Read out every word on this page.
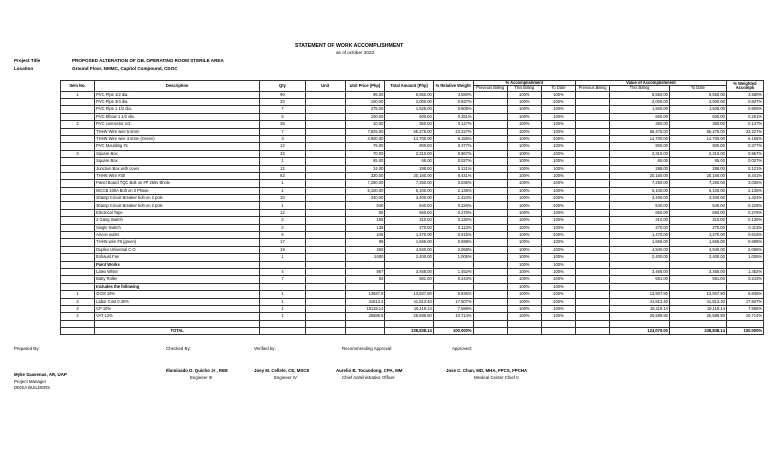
STATEMENT OF WORK ACCOMPLISHMENT
as of october 2023
Project Title	PROPOSED ALTERATION OF OB. OPERATING ROOM STERILE AREA
Location	Ground Floor, NMMC, Capitol Compound, CDOC
Item No.	Description	Qty	Unit	Unit Price (Php)	Total Amount (Php)	% Relative Weight	% Accomplishment			Value of Accomplishment			% Weighted Accompli
							Previous Billing	This Billing	To Date	Previous Billing	This Billing	To Date	
1	PVC Pipe 1/2 dia.	90		95.00	8,550.00	3.580%		100%	100%		8,550.00	8,550.00	3.580%
	PVC Pipe 3/4 dia.	20		100.00	2,000.00	0.837%		100%	100%		2,000.00	2,000.00	0.837%
	PVC Pipe 1 1/2 dia.	7		275.00	1,925.00	0.806%		100%	100%		1,925.00	1,925.00	0.806%
	PVC Elbow 1 1/2 dia.	6		100.00	600.00	0.251%		100%	100%		600.00	600.00	0.251%
2	PVC connector 1/2	35		10.00	350.00	0.147%		100%	100%		350.00	350.00	0.147%
	THHN Wire wire 5.5mm	7		7,925.00	55,475.00	23.227%		100%	100%		55,475.00	55,475.00	23.227%
	THHN Wire wire 3.5mm (Green)	3		4,900.00	14,700.00	6.155%		100%	100%		14,700.00	14,700.00	6.155%
	PVC Moulding #1	12		75.00	900.00	0.377%		100%	100%		900.00	900.00	0.377%
3	Square Box	33		70.00	2,310.00	0.967%		100%	100%		2,310.00	2,310.00	0.967%
	Square Box	1		65.00	65.00	0.027%		100%	100%		65.00	65.00	0.027%
	Junction Box with cover	12		24.00	288.00	0.121%		100%	100%		288.00	288.00	0.121%
	THHN Wire #30	63		320.00	20,160.00	8.441%		100%	100%		20,160.00	20,160.00	8.441%
	Panel Board TQC Bolt on #P 250v Bhole	1		7,250.00	7,250.00	3.036%		100%	100%		7,250.00	7,250.00	3.036%
	MCCB 100A Bolt on 3 Phase	1		5,100.00	5,100.00	2.135%		100%	100%		5,100.00	5,100.00	2.135%
	20amp Circuit Breaker bolt-on 2 pole	10		340.00	3,400.00	1.424%		100%	100%		3,400.00	3,400.00	1.424%
	30amp Circuit Breaker bolt-on 2 pole	1		540	540.00	0.226%		100%	100%		540.00	540.00	0.226%
	Electrical Tape	12		55	660.00	0.276%		100%	100%		660.00	660.00	0.276%
	2 Gang Switch	2		155	310.00	0.130%		100%	100%		310.00	310.00	0.130%
	Single Switch	2		135	270.00	0.113%		100%	100%		270.00	270.00	0.113%
	Aircon outlet	6		245	1,470.00	0.615%		100%	100%		1,470.00	1,470.00	0.615%
	THHN wire #8 (green)	17		98	1,666.00	0.698%		100%	100%		1,666.00	1,666.00	0.698%
	Duplex Universal C.O	19		260	4,940.00	2.068%		100%	100%		4,940.00	4,940.00	2.068%
	Exhaust Fan	1		2400	2,400.00	1.005%		100%	100%		2,400.00	2,400.00	1.005%
	Paint Works							100%	100%				
	Latex White	4		867	3,468.00	1.452%		100%	100%		3,468.00	3,468.00	1.452%
	Baby Roller	7		83	581.00	0.243%		100%	100%		581.00	581.00	0.243%
	Includes the following							100%	100%				
1	OCM 10%	1		13937.8	13,937.80	5.836%		100%	100%		13,937.80	13,937.80	5.836%
2	Labor Cost 0.30%	1		41813.4	41,813.40	17.507%		100%	100%		41,813.40	41,813.40	17.507%
3	CP 10%	1		18119.14	18,119.14	7.586%		100%	100%		18,119.14	18,119.14	7.586%
4	VAT 12%	1		25589.8	25,589.80	10.714%		100%	100%		25,589.80	25,589.80	10.714%

	TOTAL				238,838.14	100.000%					123,070.00	238,838.14	100.000%
Prepared By:	Checked By:	Verified by:	Recommending Approval:	Approved:
Myke Saavenas, AR, UAP
Project Manager
DIKEA BUILDERS
Illuminado D. Quicho Jr , REE
Engineer III
Joey M. Cellete, CE, MSCE
Engineer IV
Aurelio B. Tocandong, CPA, MM
Chief Administrative Officer
Jose C. Chan, MD, MHA, FPCS, FPCHA
Medical Center Chief II
